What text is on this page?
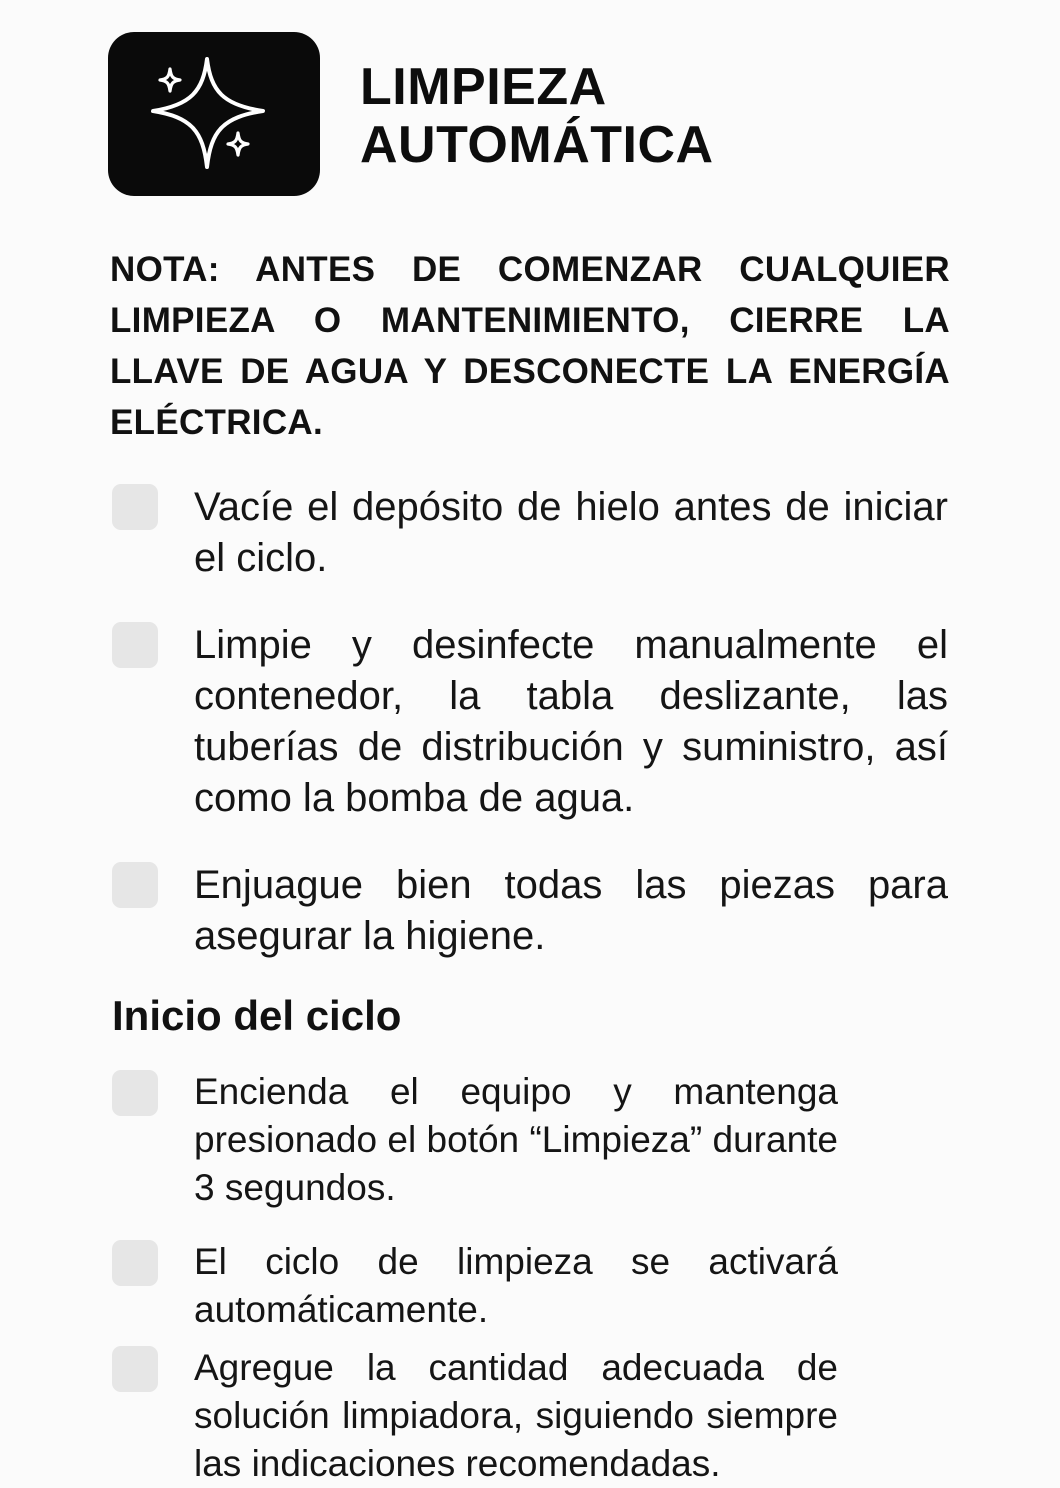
LIMPIEZA
AUTOMÁTICA
NOTA: ANTES DE COMENZAR CUALQUIER LIMPIEZA O MANTENIMIENTO, CIERRE LA LLAVE DE AGUA Y DESCONECTE LA ENERGÍA ELÉCTRICA.
Vacíe el depósito de hielo antes de iniciar el ciclo.
Limpie y desinfecte manualmente el contenedor, la tabla deslizante, las tuberías de distribución y suministro, así como la bomba de agua.
Enjuague bien todas las piezas para asegurar la higiene.
Inicio del ciclo
Encienda el equipo y mantenga presionado el botón “Limpieza” durante 3 segundos.
El ciclo de limpieza se activará automáticamente.
Agregue la cantidad adecuada de solución limpiadora, siguiendo siempre las indicaciones recomendadas.
